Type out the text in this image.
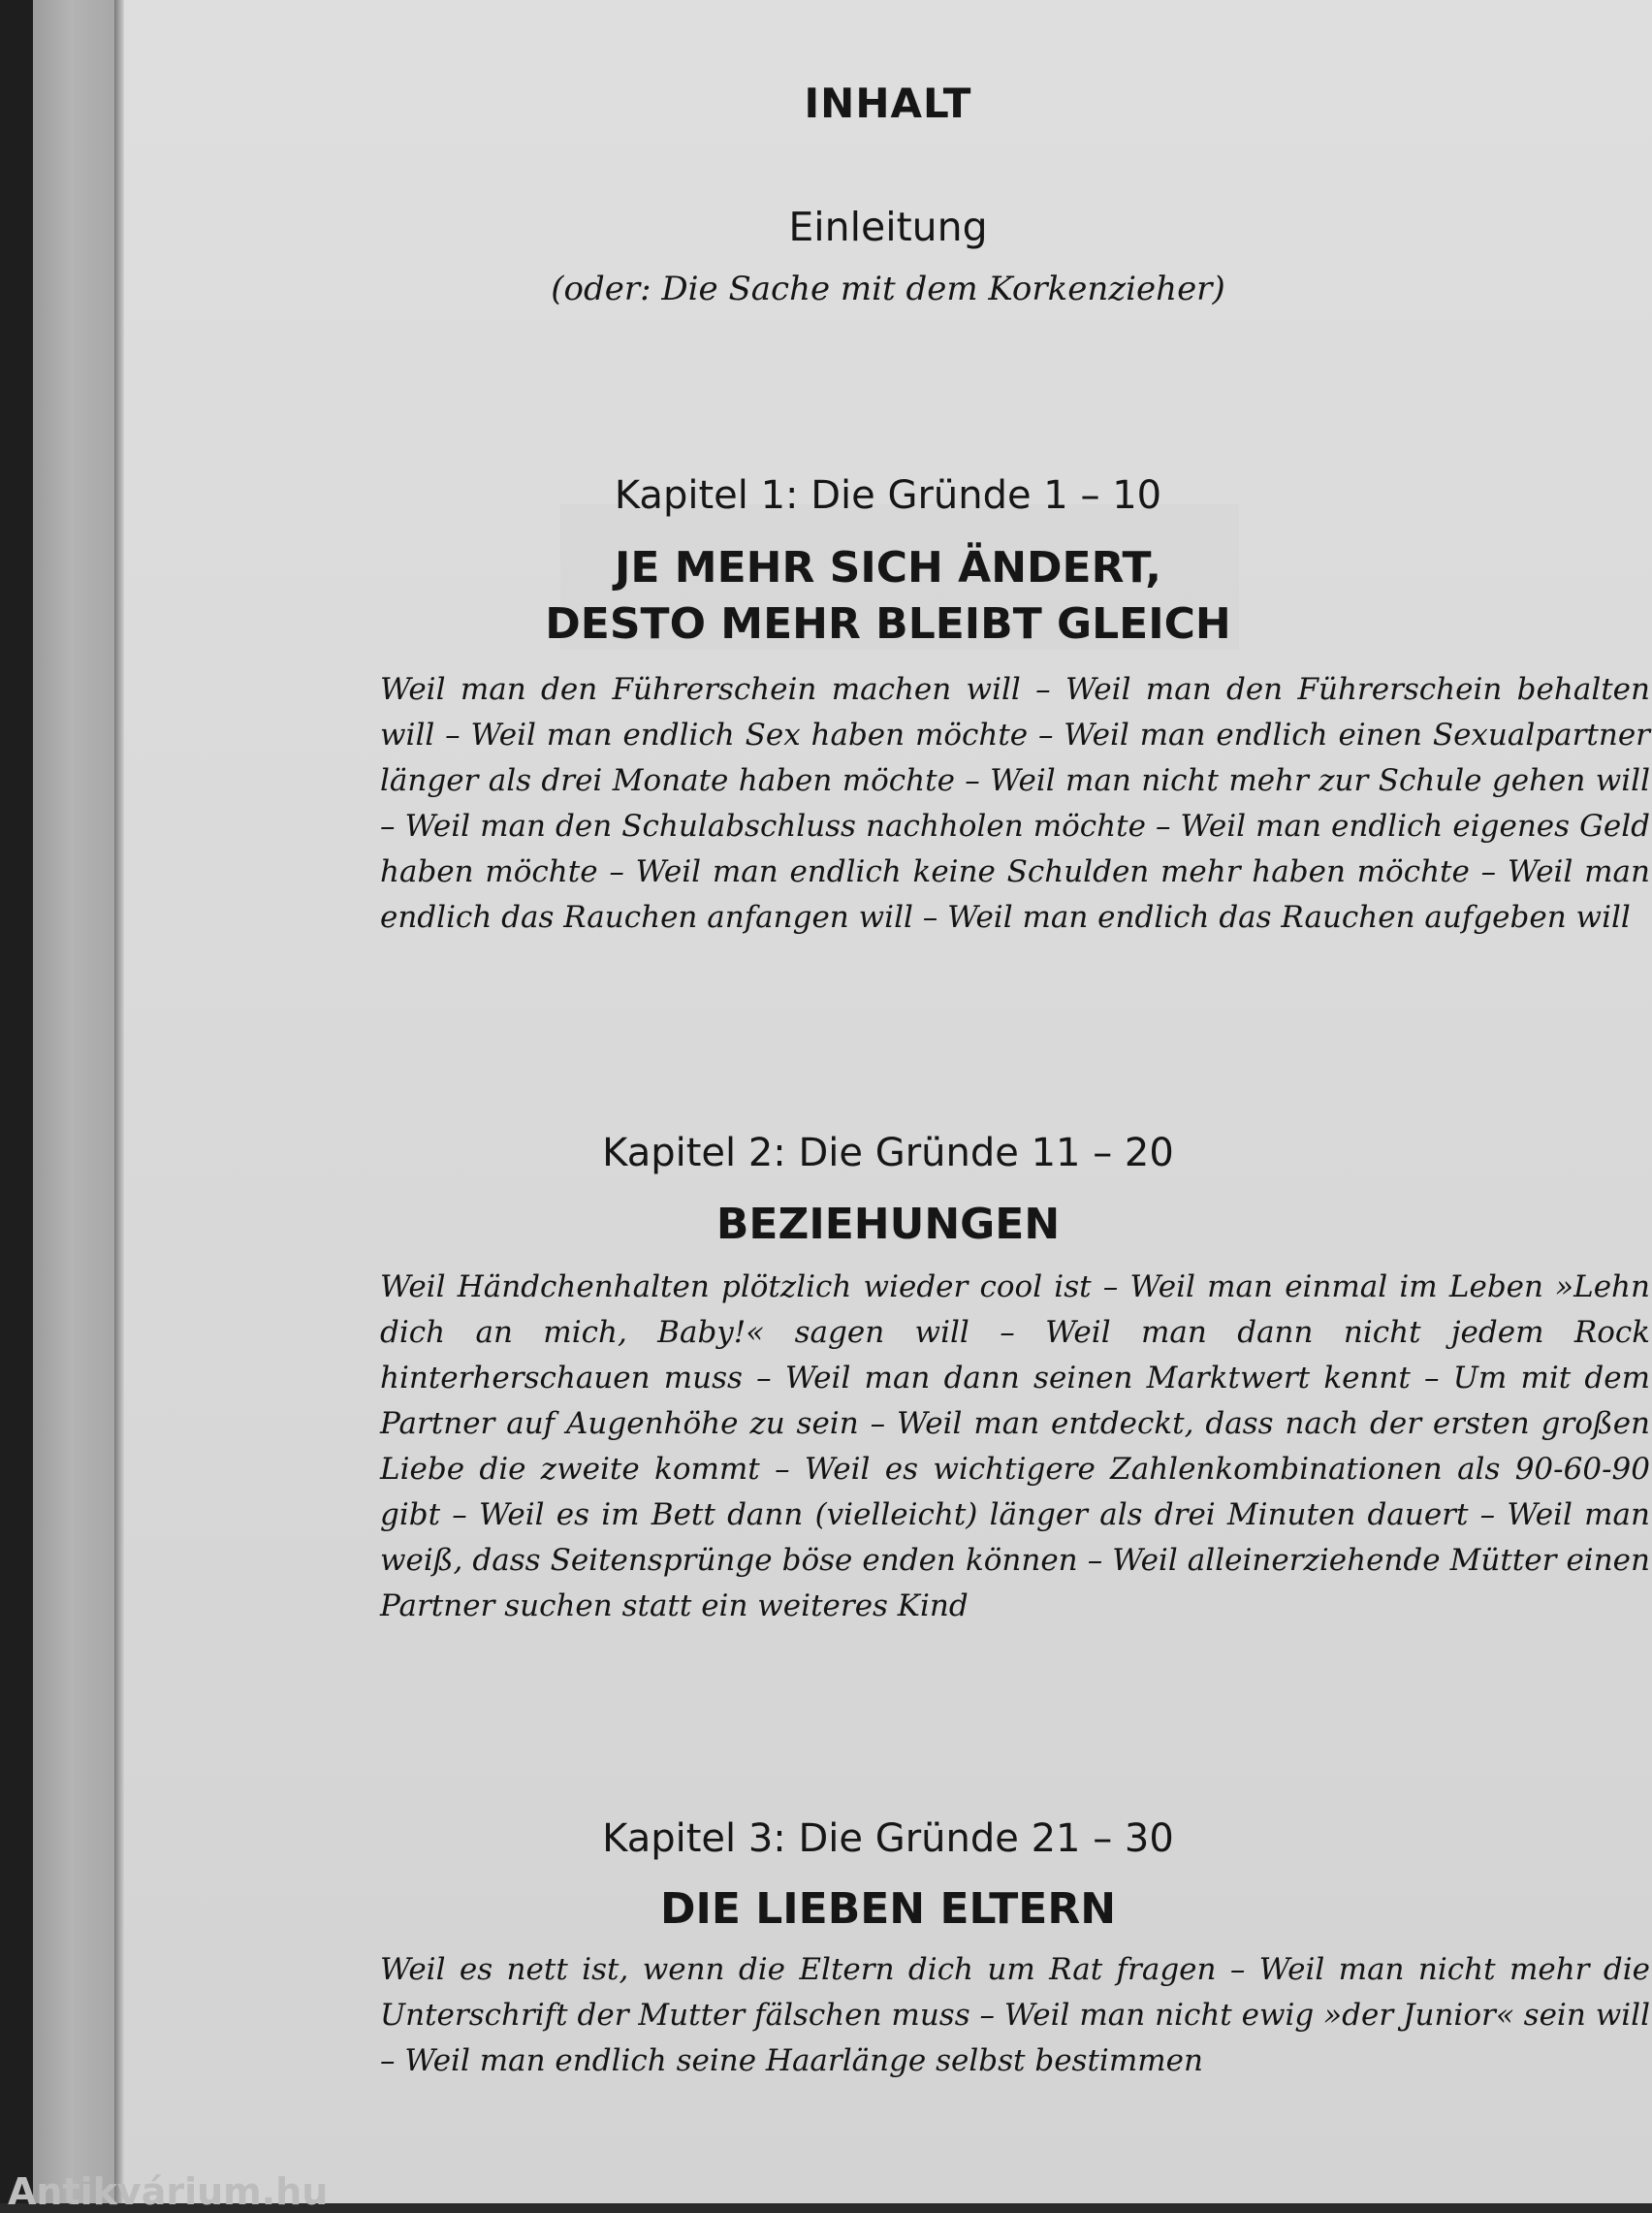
INHALT
Einleitung
(oder: Die Sache mit dem Korkenzieher)
Kapitel 1: Die Gründe 1 – 10
JE MEHR SICH ÄNDERT,
DESTO MEHR BLEIBT GLEICH
Weil man den Führerschein machen will – Weil man den Führerschein behalten will – Weil man endlich Sex haben möchte – Weil man endlich einen Sexualpartner länger als drei Monate haben möchte – Weil man nicht mehr zur Schule gehen will – Weil man den Schulabschluss nachholen möchte – Weil man endlich eigenes Geld haben möchte – Weil man endlich keine Schulden mehr haben möchte – Weil man endlich das Rauchen anfangen will – Weil man endlich das Rauchen aufgeben will
Kapitel 2: Die Gründe 11 – 20
BEZIEHUNGEN
Weil Händchenhalten plötzlich wieder cool ist – Weil man einmal im Leben »Lehn dich an mich, Baby!« sagen will – Weil man dann nicht jedem Rock hinterherschauen muss – Weil man dann seinen Marktwert kennt – Um mit dem Partner auf Augenhöhe zu sein – Weil man entdeckt, dass nach der ersten großen Liebe die zweite kommt – Weil es wichtigere Zahlenkombinationen als 90-60-90 gibt – Weil es im Bett dann (vielleicht) länger als drei Minuten dauert – Weil man weiß, dass Seitensprünge böse enden können – Weil alleinerziehende Mütter einen Partner suchen statt ein weiteres Kind
Kapitel 3: Die Gründe 21 – 30
DIE LIEBEN ELTERN
Weil es nett ist, wenn die Eltern dich um Rat fragen – Weil man nicht mehr die Unterschrift der Mutter fälschen muss – Weil man nicht ewig »der Junior« sein will – Weil man endlich seine Haarlänge selbst bestimmen
Antikvárium.hu
